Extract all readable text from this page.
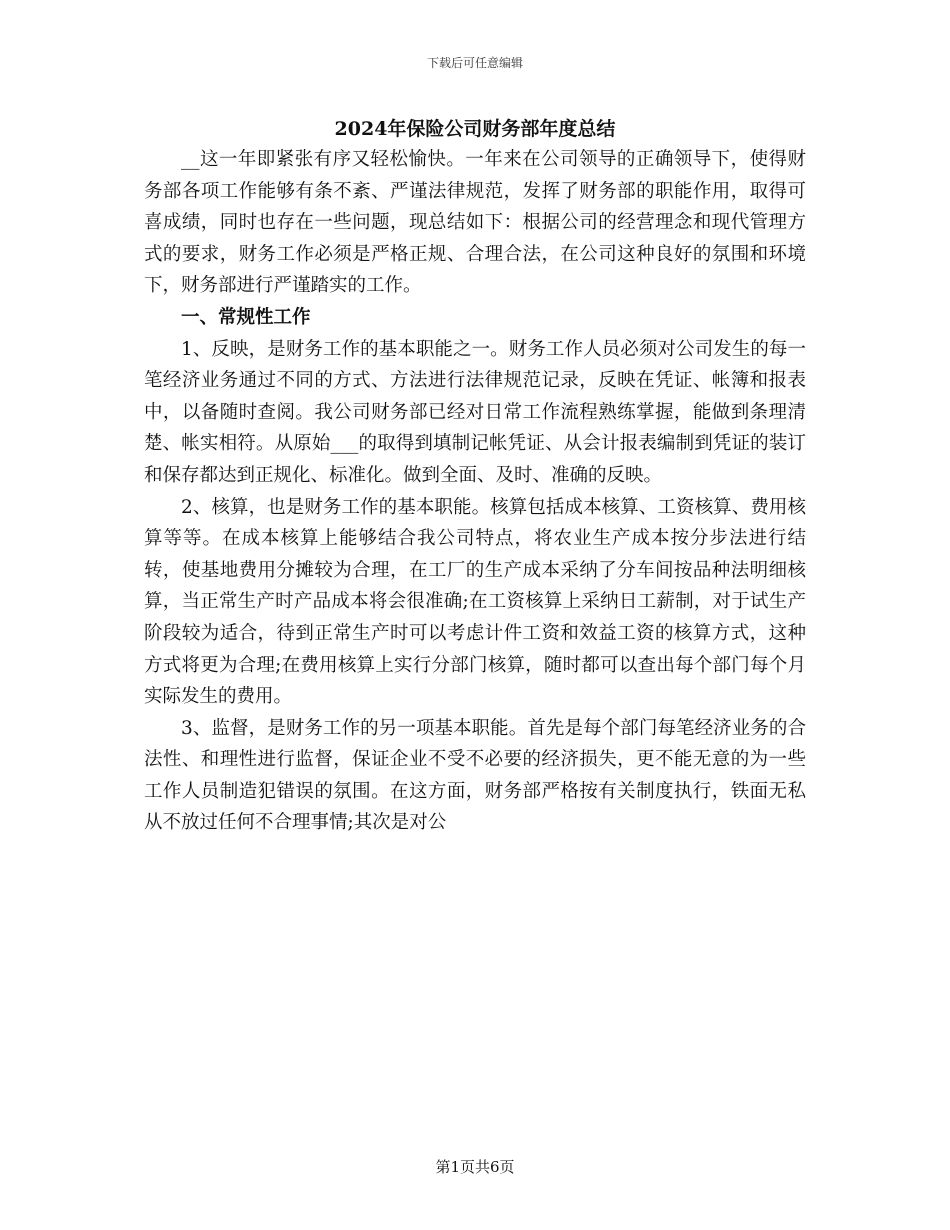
下载后可任意编辑
2024年保险公司财务部年度总结

__这一年即紧张有序又轻松愉快。一年来在公司领导的正确领导下，使得财务部各项工作能够有条不紊、严谨法律规范，发挥了财务部的职能作用，取得可喜成绩，同时也存在一些问题，现总结如下：根据公司的经营理念和现代管理方式的要求，财务工作必须是严格正规、合理合法，在公司这种良好的氛围和环境下，财务部进行严谨踏实的工作。

一、常规性工作

1、反映，是财务工作的基本职能之一。财务工作人员必须对公司发生的每一笔经济业务通过不同的方式、方法进行法律规范记录，反映在凭证、帐簿和报表中，以备随时查阅。我公司财务部已经对日常工作流程熟练掌握，能做到条理清楚、帐实相符。从原始___的取得到填制记帐凭证、从会计报表编制到凭证的装订和保存都达到正规化、标准化。做到全面、及时、准确的反映。

2、核算，也是财务工作的基本职能。核算包括成本核算、工资核算、费用核算等等。在成本核算上能够结合我公司特点，将农业生产成本按分步法进行结转，使基地费用分摊较为合理，在工厂的生产成本采纳了分车间按品种法明细核算，当正常生产时产品成本将会很准确;在工资核算上采纳日工薪制，对于试生产阶段较为适合，待到正常生产时可以考虑计件工资和效益工资的核算方式，这种方式将更为合理;在费用核算上实行分部门核算，随时都可以查出每个部门每个月实际发生的费用。

3、监督，是财务工作的另一项基本职能。首先是每个部门每笔经济业务的合法性、和理性进行监督，保证企业不受不必要的经济损失，更不能无意的为一些工作人员制造犯错误的氛围。在这方面，财务部严格按有关制度执行，铁面无私从不放过任何不合理事情;其次是对公

第1页共6页
